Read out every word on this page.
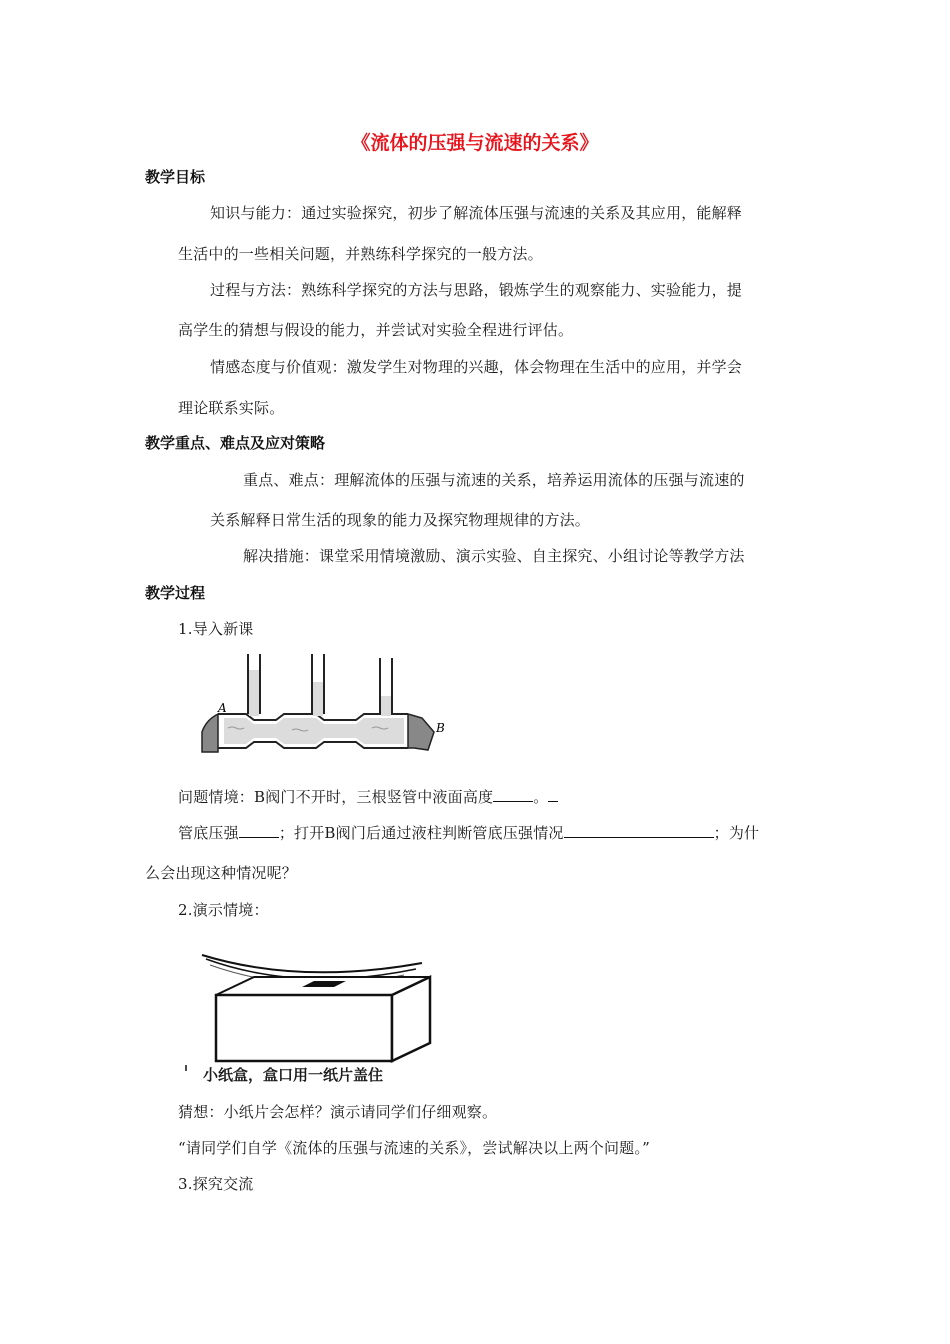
《流体的压强与流速的关系》
教学目标
知识与能力：通过实验探究，初步了解流体压强与流速的关系及其应用，能解释
生活中的一些相关问题，并熟练科学探究的一般方法。
过程与方法：熟练科学探究的方法与思路，锻炼学生的观察能力、实验能力，提
高学生的猜想与假设的能力，并尝试对实验全程进行评估。
情感态度与价值观：激发学生对物理的兴趣，体会物理在生活中的应用，并学会
理论联系实际。
教学重点、难点及应对策略
重点、难点：理解流体的压强与流速的关系，培养运用流体的压强与流速的
关系解释日常生活的现象的能力及探究物理规律的方法。
解决措施：课堂采用情境激励、演示实验、自主探究、小组讨论等教学方法
教学过程
1.导入新课
A
B
问题情境：B阀门不开时，三根竖管中液面高度	。
管底压强	；打开B阀门后通过液柱判断管底压强情况	；为什
么会出现这种情况呢？
2.演示情境：
小纸盒，盒口用一纸片盖住
猜想：小纸片会怎样？演示请同学们仔细观察。
“请同学们自学《流体的压强与流速的关系》，尝试解决以上两个问题。”
3.探究交流
